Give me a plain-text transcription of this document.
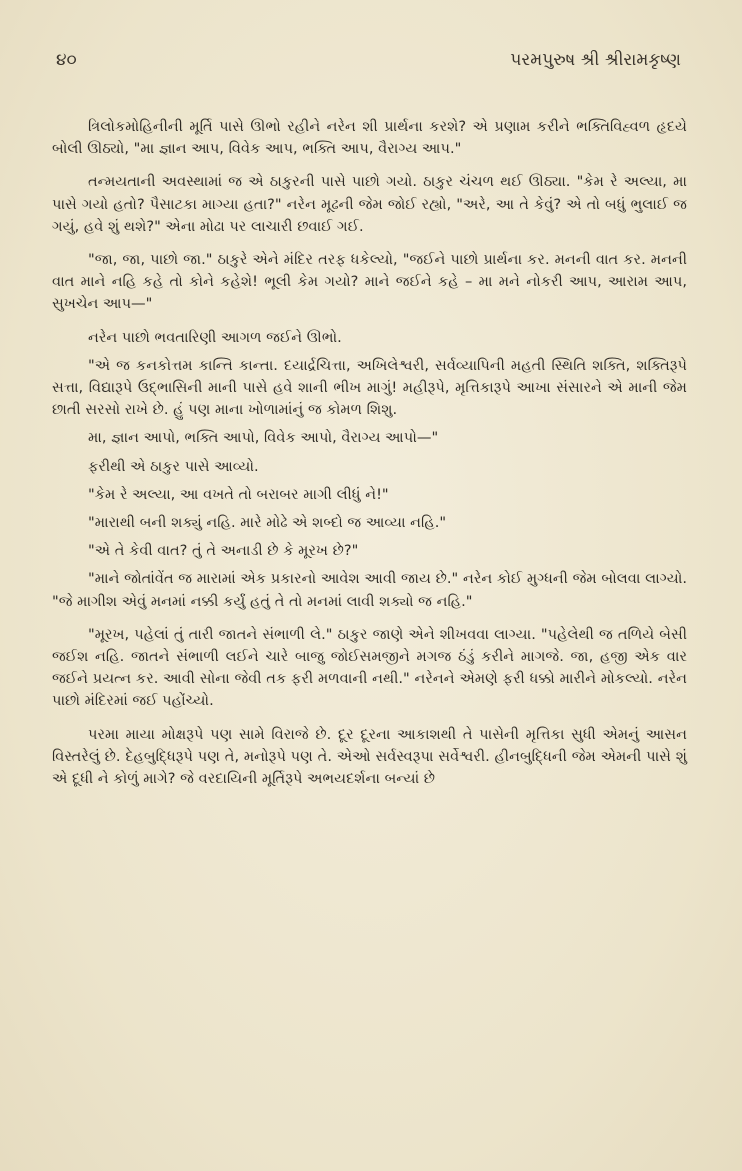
૪૦	પરમપુરુષ શ્રી શ્રીરામકૃષ્ણ

ત્રિલોકમોહિનીની મૂર્તિ પાસે ઊભો રહીને નરેન શી પ્રાર્થના કરશે? એ પ્રણામ કરીને ભક્તિવિહ્વળ હૃદયે બોલી ઊઠ્યો, "મા જ્ઞાન આપ, વિવેક આપ, ભક્તિ આપ, વૈરાગ્ય આપ."

તન્મયતાની અવસ્થામાં જ એ ઠાકુરની પાસે પાછો ગયો. ઠાકુર ચંચળ થઈ ઊઠ્યા. "કેમ રે અલ્યા, મા પાસે ગયો હતો? પૈસાટકા માગ્યા હતા?" નરેન મૂઢની જેમ જોઈ રહ્યો, "અરે, આ તે કેવું? એ તો બધું ભુલાઈ જ ગયું, હવે શું થશે?" એના મોઢા પર લાચારી છવાઈ ગઈ.

"જા, જા, પાછો જા." ઠાકુરે એને મંદિર તરફ ધકેલ્યો, "જઈને પાછો પ્રાર્થના કર. મનની વાત કર. મનની વાત માને નહિ કહે તો કોને કહેશે! ભૂલી કેમ ગયો? માને જઈને કહે – મા મને નોકરી આપ, આરામ આપ, સુખચેન આપ—"

નરેન પાછો ભવતારિણી આગળ જઈને ઊભો.

"એ જ કનકોત્તમ કાન્તિ કાન્તા. દયાર્દ્રચિત્તા, અખિલેશ્વરી, સર્વવ્યાપિની મહતી સ્થિતિ શક્તિ, શક્તિરૂપે સત્તા, વિદ્યારૂપે ઉદ્ભાસિની માની પાસે હવે શાની ભીખ માગું! મહીરૂપે, મૃત્તિકારૂપે આખા સંસારને એ માની જેમ છાતી સરસો રાખે છે. હું પણ માના ખોળામાંનું જ કોમળ શિશુ.

મા, જ્ઞાન આપો, ભક્તિ આપો, વિવેક આપો, વૈરાગ્ય આપો—"

ફરીથી એ ઠાકુર પાસે આવ્યો.

"કેમ રે અલ્યા, આ વખતે તો બરાબર માગી લીધું ને!"

"મારાથી બની શક્યું નહિ. મારે મોઢે એ શબ્દો જ આવ્યા નહિ."

"એ તે કેવી વાત? તું તે અનાડી છે કે મૂરખ છે?"

"માને જોતાંવેંત જ મારામાં એક પ્રકારનો આવેશ આવી જાય છે." નરેન કોઈ મુગ્ધની જેમ બોલવા લાગ્યો. "જે માગીશ એવું મનમાં નક્કી કર્યું હતું તે તો મનમાં લાવી શક્યો જ નહિ."

"મૂરખ, પહેલાં તું તારી જાતને સંભાળી લે." ઠાકુર જાણે એને શીખવવા લાગ્યા. "પહેલેથી જ તળિયે બેસી જઈશ નહિ. જાતને સંભાળી લઈને ચારે બાજુ જોઈસમજીને મગજ ઠંડું કરીને માગજે. જા, હજી એક વાર જઈને પ્રયત્ન કર. આવી સોના જેવી તક ફરી મળવાની નથી." નરેનને એમણે ફરી ધક્કો મારીને મોકલ્યો. નરેન પાછો મંદિરમાં જઈ પહોંચ્યો.

પરમા માયા મોક્ષરૂપે પણ સામે વિરાજે છે. દૂર દૂરના આકાશથી તે પાસેની મૃત્તિકા સુધી એમનું આસન વિસ્તરેલું છે. દેહબુદ્ધિરૂપે પણ તે, મનોરૂપે પણ તે. એઓ સર્વસ્વરૂપા સર્વેશ્વરી. હીનબુદ્ધિની જેમ એમની પાસે શું એ દૂધી ને કોળું માગે? જે વરદાયિની મૂર્તિરૂપે અભયદર્શના બન્યાં છે
